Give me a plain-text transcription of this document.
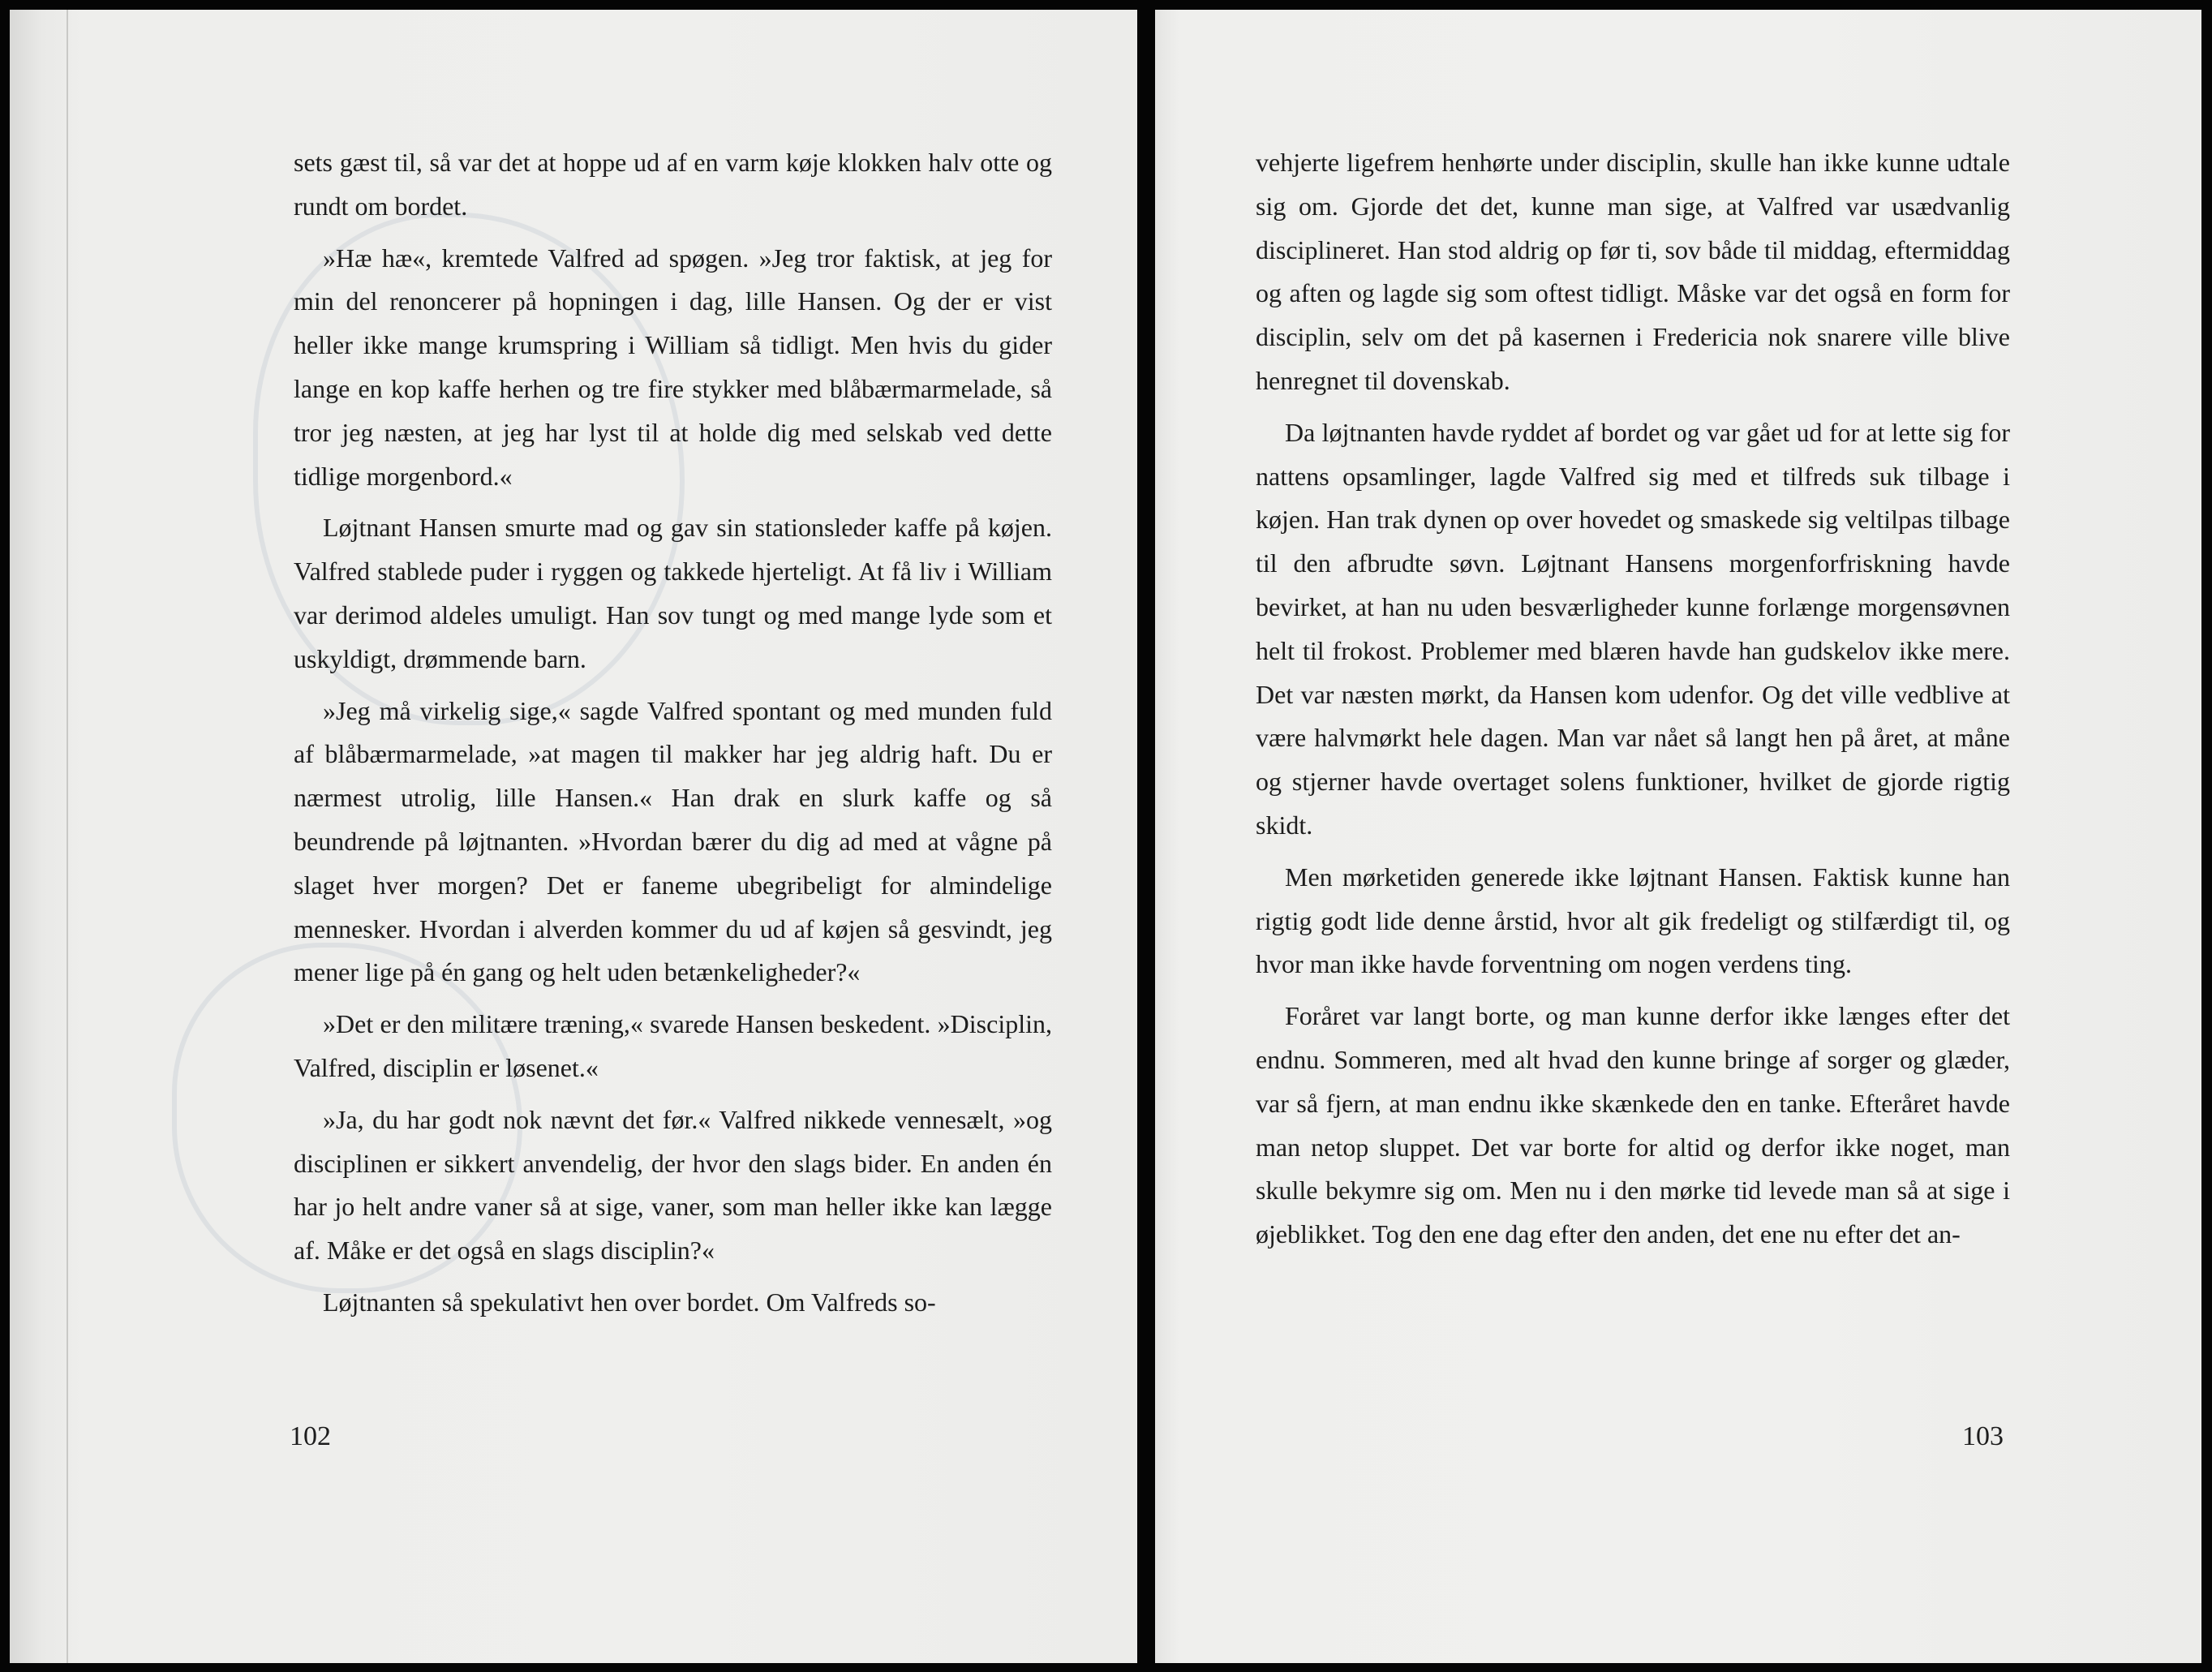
sets gæst til, så var det at hoppe ud af en varm køje klokken halv otte og rundt om bordet.

»Hæ hæ«, kremtede Valfred ad spøgen. »Jeg tror faktisk, at jeg for min del renoncerer på hopningen i dag, lille Hansen. Og der er vist heller ikke mange krumspring i William så tidligt. Men hvis du gider lange en kop kaffe herhen og tre fire stykker med blåbærmarmelade, så tror jeg næsten, at jeg har lyst til at holde dig med selskab ved dette tidlige morgenbord.«

Løjtnant Hansen smurte mad og gav sin stationsleder kaffe på køjen. Valfred stablede puder i ryggen og takkede hjerteligt. At få liv i William var derimod aldeles umuligt. Han sov tungt og med mange lyde som et uskyldigt, drømmende barn.

»Jeg må virkelig sige,« sagde Valfred spontant og med munden fuld af blåbærmarmelade, »at magen til makker har jeg aldrig haft. Du er nærmest utrolig, lille Hansen.« Han drak en slurk kaffe og så beundrende på løjtnanten. »Hvordan bærer du dig ad med at vågne på slaget hver morgen? Det er faneme ubegribeligt for almindelige mennesker. Hvordan i alverden kommer du ud af køjen så gesvindt, jeg mener lige på én gang og helt uden betænkeligheder?«

»Det er den militære træning,« svarede Hansen beskedent. »Disciplin, Valfred, disciplin er løsenet.«

»Ja, du har godt nok nævnt det før.« Valfred nikkede vennesælt, »og disciplinen er sikkert anvendelig, der hvor den slags bider. En anden én har jo helt andre vaner så at sige, vaner, som man heller ikke kan lægge af. Måke er det også en slags disciplin?«

Løjtnanten så spekulativt hen over bordet. Om Valfreds so-

102

vehjerte ligefrem henhørte under disciplin, skulle han ikke kunne udtale sig om. Gjorde det det, kunne man sige, at Valfred var usædvanlig disciplineret. Han stod aldrig op før ti, sov både til middag, eftermiddag og aften og lagde sig som oftest tidligt. Måske var det også en form for disciplin, selv om det på kasernen i Fredericia nok snarere ville blive henregnet til dovenskab.

Da løjtnanten havde ryddet af bordet og var gået ud for at lette sig for nattens opsamlinger, lagde Valfred sig med et tilfreds suk tilbage i køjen. Han trak dynen op over hovedet og smaskede sig veltilpas tilbage til den afbrudte søvn. Løjtnant Hansens morgenforfriskning havde bevirket, at han nu uden besværligheder kunne forlænge morgensøvnen helt til frokost. Problemer med blæren havde han gudskelov ikke mere. Det var næsten mørkt, da Hansen kom udenfor. Og det ville vedblive at være halvmørkt hele dagen. Man var nået så langt hen på året, at måne og stjerner havde overtaget solens funktioner, hvilket de gjorde rigtig skidt.

Men mørketiden generede ikke løjtnant Hansen. Faktisk kunne han rigtig godt lide denne årstid, hvor alt gik fredeligt og stilfærdigt til, og hvor man ikke havde forventning om nogen verdens ting.

Foråret var langt borte, og man kunne derfor ikke længes efter det endnu. Sommeren, med alt hvad den kunne bringe af sorger og glæder, var så fjern, at man endnu ikke skænkede den en tanke. Efteråret havde man netop sluppet. Det var borte for altid og derfor ikke noget, man skulle bekymre sig om. Men nu i den mørke tid levede man så at sige i øjeblikket. Tog den ene dag efter den anden, det ene nu efter det an-

103
